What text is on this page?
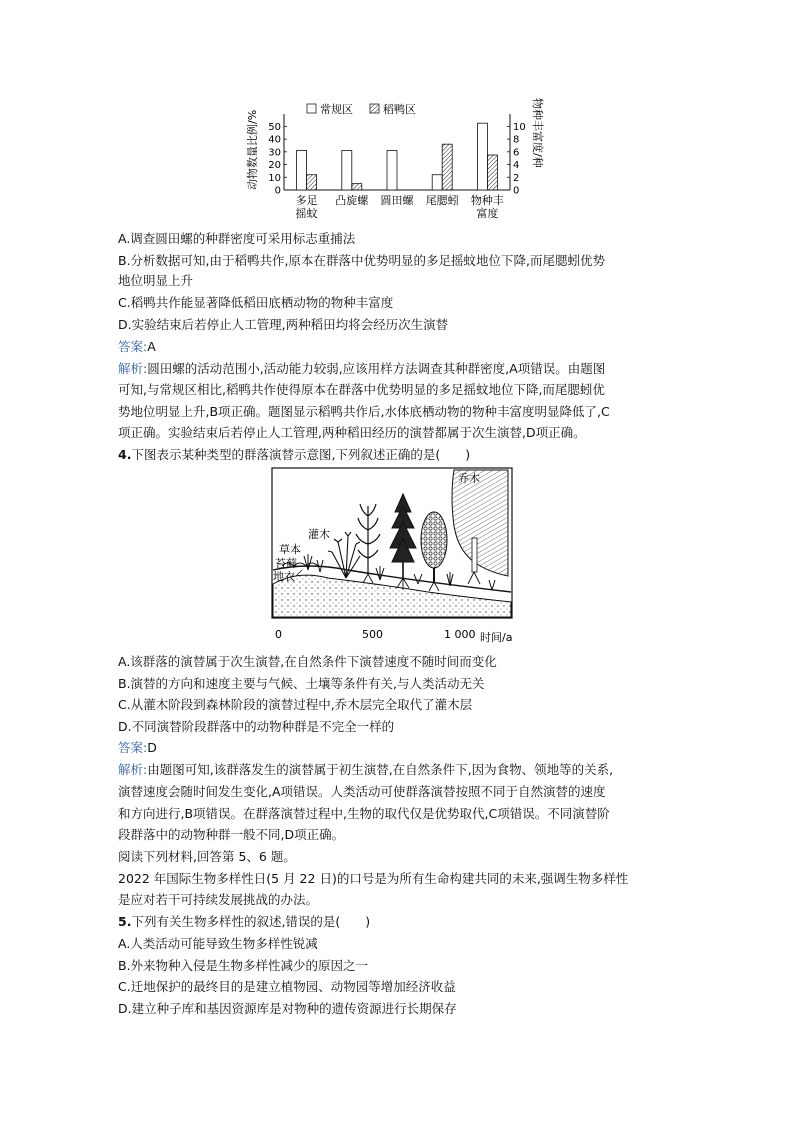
动物数量比例/%	物种丰富度/种
常规区	稻鸭区
0
10
20
30
40
50
0
2
4
6
8
10
多足
摇蚊
凸旋螺 圆田螺 尾腮蚓 物种丰
富度
A.调查圆田螺的种群密度可采用标志重捕法
B.分析数据可知,由于稻鸭共作,原本在群落中优势明显的多足摇蚊地位下降,而尾腮蚓优势
地位明显上升
C.稻鸭共作能显著降低稻田底栖动物的物种丰富度
D.实验结束后若停止人工管理,两种稻田均将会经历次生演替
答案:A
解析:圆田螺的活动范围小,活动能力较弱,应该用样方法调查其种群密度,A项错误。由题图
可知,与常规区相比,稻鸭共作使得原本在群落中优势明显的多足摇蚊地位下降,而尾腮蚓优
势地位明显上升,B项正确。题图显示稻鸭共作后,水体底栖动物的物种丰富度明显降低了,C
项正确。实验结束后若停止人工管理,两种稻田经历的演替都属于次生演替,D项正确。
4.下图表示某种类型的群落演替示意图,下列叙述正确的是(　　)
乔木
灌木
草本
苔藓
地衣
0	500	1 000 时间/a
A.该群落的演替属于次生演替,在自然条件下演替速度不随时间而变化
B.演替的方向和速度主要与气候、土壤等条件有关,与人类活动无关
C.从灌木阶段到森林阶段的演替过程中,乔木层完全取代了灌木层
D.不同演替阶段群落中的动物种群是不完全一样的
答案:D
解析:由题图可知,该群落发生的演替属于初生演替,在自然条件下,因为食物、领地等的关系,
演替速度会随时间发生变化,A项错误。人类活动可使群落演替按照不同于自然演替的速度
和方向进行,B项错误。在群落演替过程中,生物的取代仅是优势取代,C项错误。不同演替阶
段群落中的动物种群一般不同,D项正确。
阅读下列材料,回答第 5、6 题。
2022 年国际生物多样性日(5 月 22 日)的口号是为所有生命构建共同的未来,强调生物多样性
是应对若干可持续发展挑战的办法。
5.下列有关生物多样性的叙述,错误的是(　　)
A.人类活动可能导致生物多样性锐减
B.外来物种入侵是生物多样性减少的原因之一
C.迁地保护的最终目的是建立植物园、动物园等增加经济收益
D.建立种子库和基因资源库是对物种的遗传资源进行长期保存
